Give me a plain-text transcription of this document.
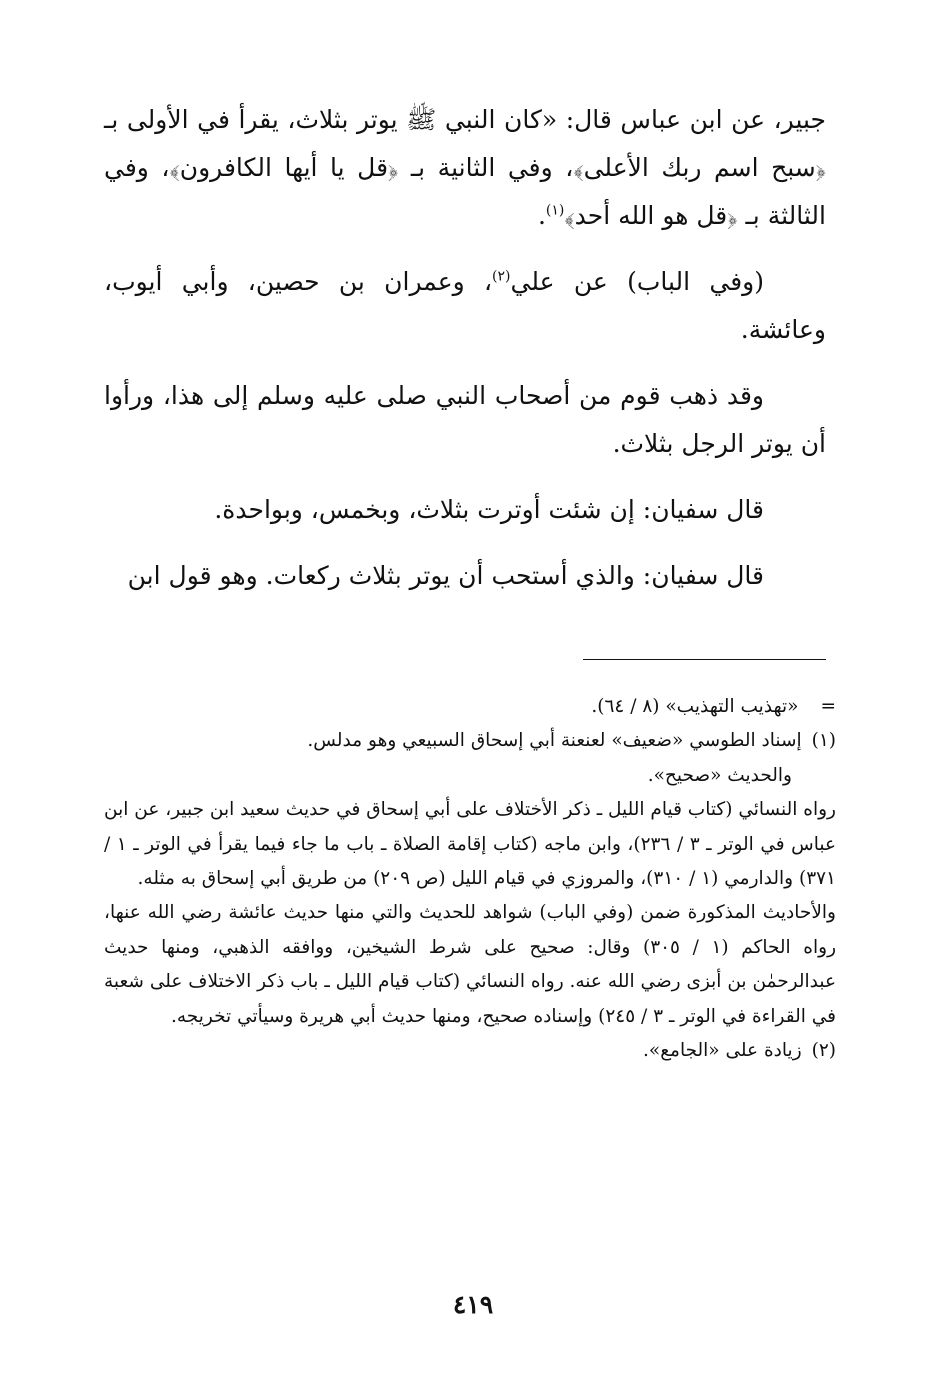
جبير، عن ابن عباس قال: «كان النبي ﷺ يوتر بثلاث، يقرأ في الأولى بـ ﴿سبح اسم ربك الأعلى﴾، وفي الثانية بـ ﴿قل يا أيها الكافرون﴾، وفي الثالثة بـ ﴿قل هو الله أحد﴾$^{(١)}$.

(وفي الباب) عن علي$^{(٢)}$، وعمران بن حصين، وأبي أيوب، وعائشة.

وقد ذهب قوم من أصحاب النبي صلى عليه وسلم إلى هذا، ورأوا أن يوتر الرجل بثلاث.

قال سفيان: إن شئت أوترت بثلاث، وبخمس، وبواحدة.

قال سفيان: والذي أستحب أن يوتر بثلاث ركعات. وهو قول ابن

=«تهذيب التهذيب» (٨ / ٦٤).

(١)إسناد الطوسي «ضعيف» لعنعنة أبي إسحاق السبيعي وهو مدلس.

والحديث «صحيح».

رواه النسائي (كتاب قيام الليل ـ ذكر الأختلاف على أبي إسحاق في حديث سعيد ابن جبير، عن ابن عباس في الوتر ـ ٣ / ٢٣٦)، وابن ماجه (كتاب إقامة الصلاة ـ باب ما جاء فيما يقرأ في الوتر ـ ١ / ٣٧١) والدارمي (١ / ٣١٠)، والمروزي في قيام الليل (ص ٢٠٩) من طريق أبي إسحاق به مثله.

والأحاديث المذكورة ضمن (وفي الباب) شواهد للحديث والتي منها حديث عائشة رضي الله عنها، رواه الحاكم (١ / ٣٠٥) وقال: صحيح على شرط الشيخين، ووافقه الذهبي، ومنها حديث عبدالرحمٰن بن أبزى رضي الله عنه. رواه النسائي (كتاب قيام الليل ـ باب ذكر الاختلاف على شعبة في القراءة في الوتر ـ ٣ / ٢٤٥) وإسناده صحيح، ومنها حديث أبي هريرة وسيأتي تخريجه.

(٢)زيادة على «الجامع».

٤١٩
